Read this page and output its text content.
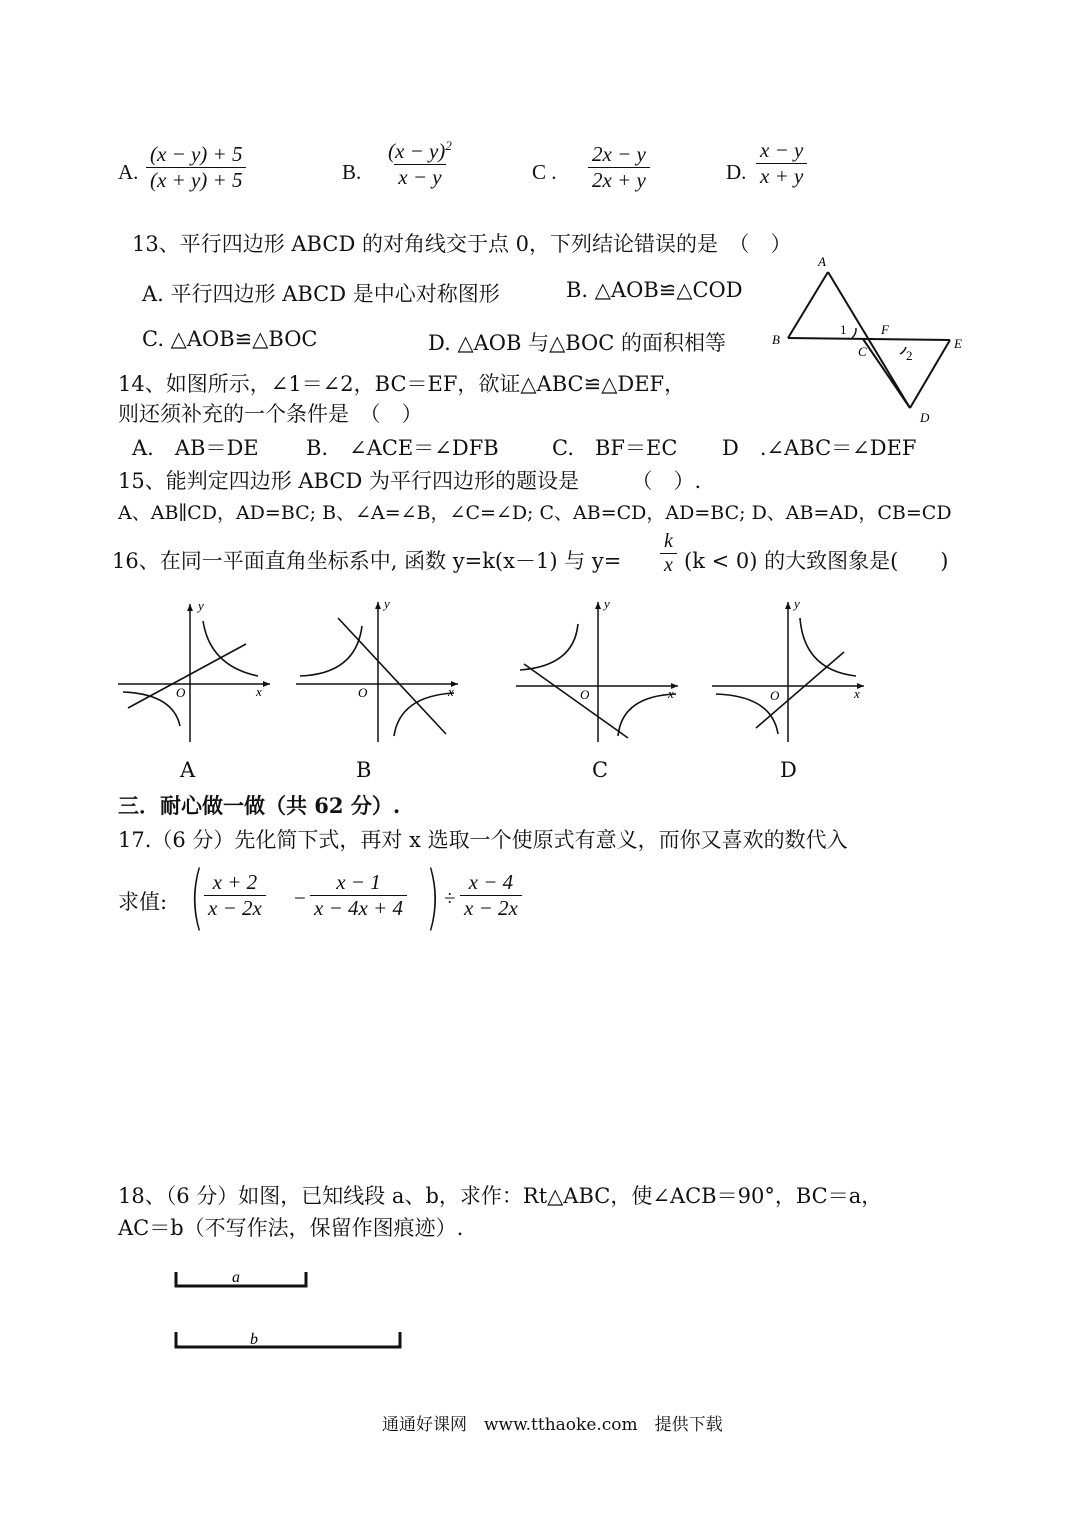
A. $\frac{(x - y) + 5}{(x + y) + 5}$	B. $\frac{(x - y)^2}{x - y}$	C . $\frac{2x - y}{2x + y}$	D. $\frac{x - y}{x + y}$
13、平行四边形 ABCD 的对角线交于点 0，下列结论错误的是　（　）
A. 平行四边形 ABCD 是中心对称图形	B. △AOB≌△COD
C. △AOB≌△BOC	D. △AOB 与△BOC 的面积相等
A
B
C
F
E
D
1
2
14、如图所示，∠1＝∠2，BC＝EF，欲证△ABC≌△DEF，
则还须补充的一个条件是　（　）
A.　AB＝DE B.　∠ACE＝∠DFB	C.　BF＝EC D　.∠ABC＝∠DEF
15、能判定四边形 ABCD 为平行四边形的题设是　　　（　）.
A、AB∥CD，AD=BC; B、∠A=∠B，∠C=∠D; C、AB=CD，AD=BC; D、AB=AD，CB=CD
16、在同一平面直角坐标系中, 函数 y=k(x－1) 与 $y= \frac{k}{x} (k < 0)$ 的大致图象是(　　)
y
x
O
A
y
x
O
B
y
x
O
C
y
x
O
D
三．耐心做一做（共 62 分）.
17.（6 分）先化简下式，再对 x 选取一个使原式有意义，而你又喜欢的数代入
求值: ( $\frac{x + 2}{x - 2x} - \frac{x - 1}{x - 4x + 4}$ ) ÷ $\frac{x - 4}{x - 2x}$
18、（6 分）如图，已知线段 a、b，求作：Rt△ABC，使∠ACB＝90°，BC＝a，
AC＝b（不写作法，保留作图痕迹）.
a
b
通通好课网　www.tthaoke.com　提供下载
